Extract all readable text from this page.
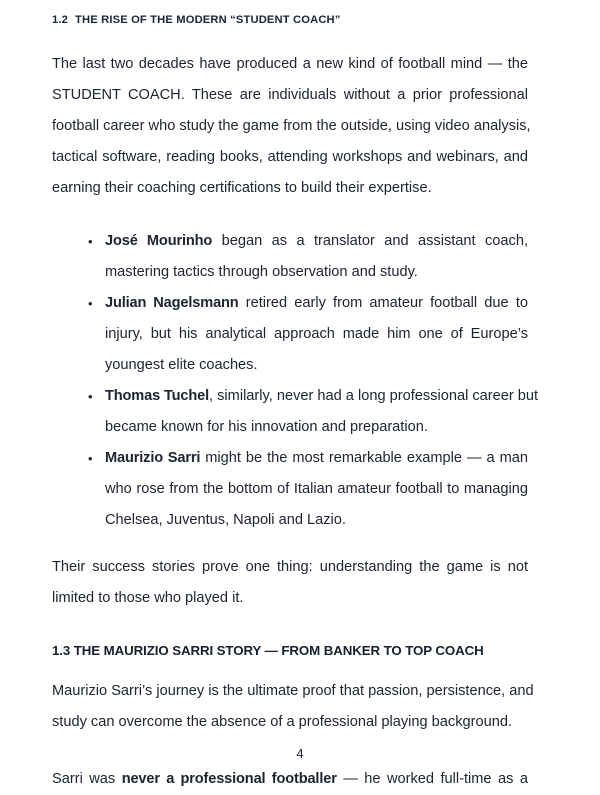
1.2 THE RISE OF THE MODERN “STUDENT COACH”
The last two decades have produced a new kind of football mind — the
STUDENT COACH. These are individuals without a prior professional
football career who study the game from the outside, using video analysis,
tactical software, reading books, attending workshops and webinars, and
earning their coaching certifications to build their expertise.
• José Mourinho began as a translator and assistant coach,
mastering tactics through observation and study.
• Julian Nagelsmann retired early from amateur football due to
injury, but his analytical approach made him one of Europe’s
youngest elite coaches.
• Thomas Tuchel, similarly, never had a long professional career but
became known for his innovation and preparation.
• Maurizio Sarri might be the most remarkable example — a man
who rose from the bottom of Italian amateur football to managing
Chelsea, Juventus, Napoli and Lazio.
Their success stories prove one thing: understanding the game is not
limited to those who played it.
1.3 THE MAURIZIO SARRI STORY — FROM BANKER TO TOP COACH
Maurizio Sarri’s journey is the ultimate proof that passion, persistence, and
study can overcome the absence of a professional playing background.
Sarri was never a professional footballer — he worked full-time as a
4
